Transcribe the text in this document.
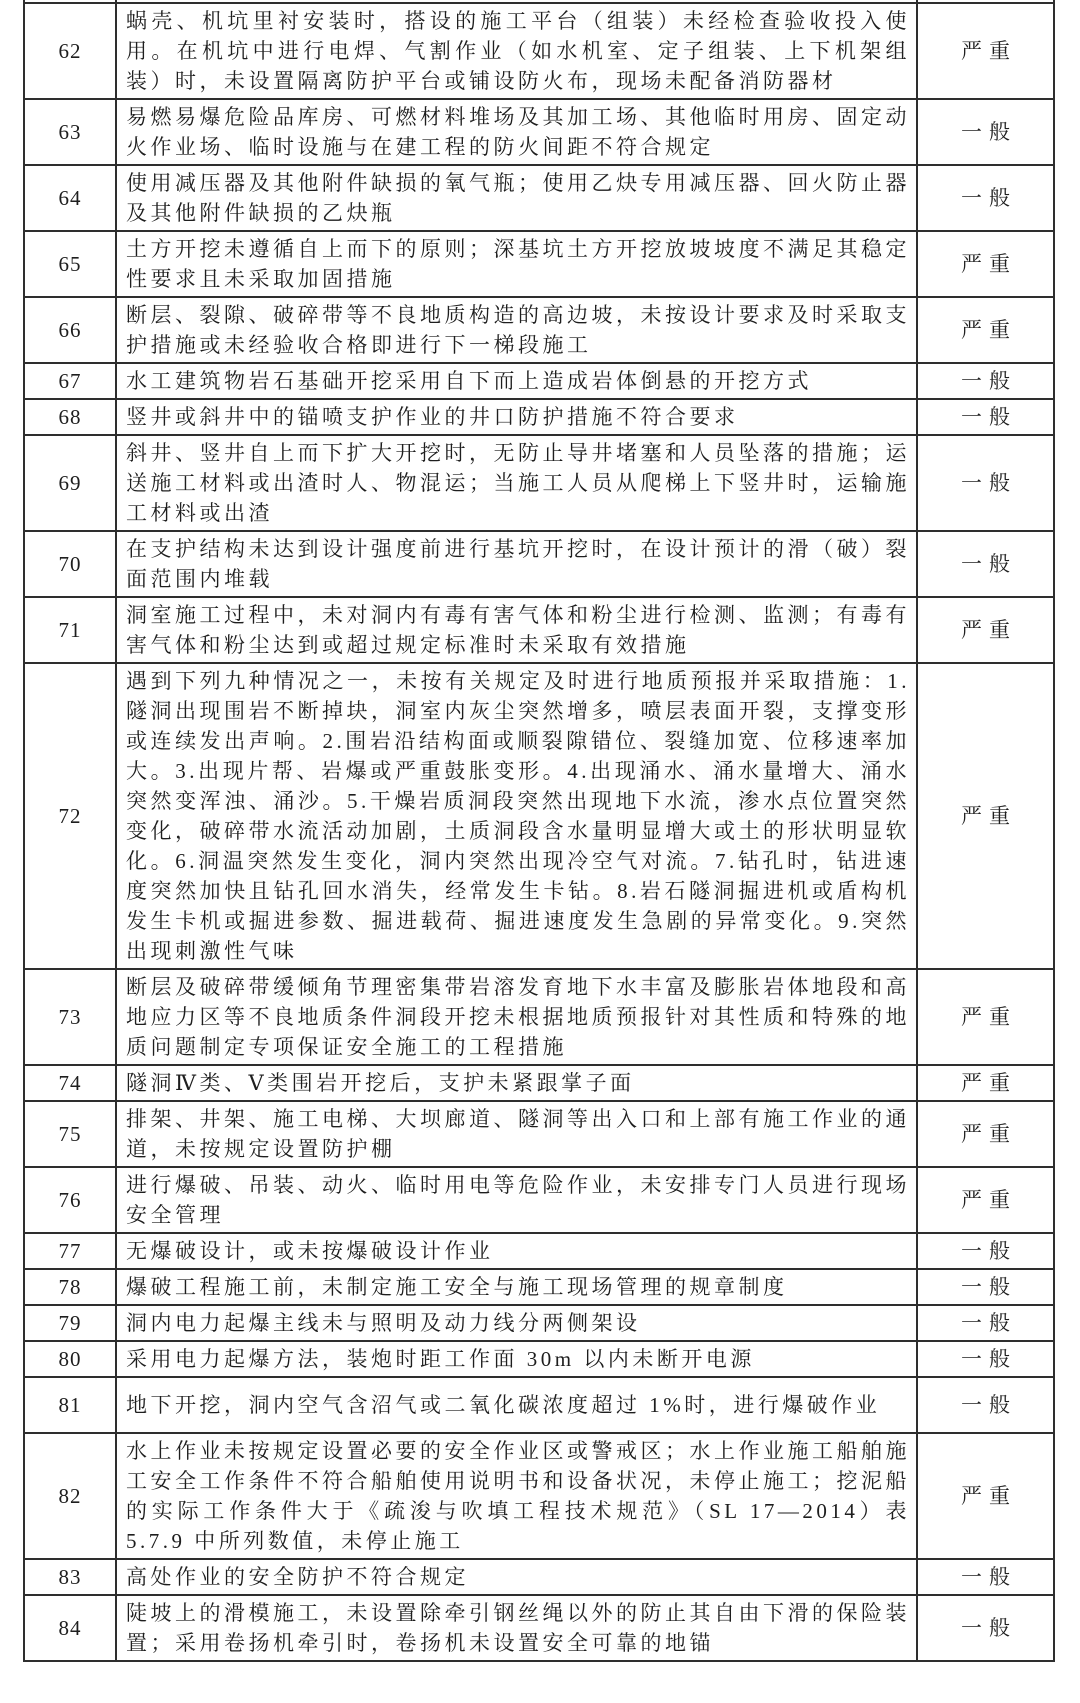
62	蜗壳、机坑里衬安装时，搭设的施工平台（组装）未经检查验收投入使用。在机坑中进行电焊、气割作业（如水机室、定子组装、上下机架组装）时，未设置隔离防护平台或铺设防火布，现场未配备消防器材	严重
63	易燃易爆危险品库房、可燃材料堆场及其加工场、其他临时用房、固定动火作业场、临时设施与在建工程的防火间距不符合规定	一般
64	使用减压器及其他附件缺损的氧气瓶；使用乙炔专用减压器、回火防止器及其他附件缺损的乙炔瓶	一般
65	土方开挖未遵循自上而下的原则；深基坑土方开挖放坡坡度不满足其稳定性要求且未采取加固措施	严重
66	断层、裂隙、破碎带等不良地质构造的高边坡，未按设计要求及时采取支护措施或未经验收合格即进行下一梯段施工	严重
67	水工建筑物岩石基础开挖采用自下而上造成岩体倒悬的开挖方式	一般
68	竖井或斜井中的锚喷支护作业的井口防护措施不符合要求	一般
69	斜井、竖井自上而下扩大开挖时，无防止导井堵塞和人员坠落的措施；运送施工材料或出渣时人、物混运；当施工人员从爬梯上下竖井时，运输施工材料或出渣	一般
70	在支护结构未达到设计强度前进行基坑开挖时，在设计预计的滑（破）裂面范围内堆载	一般
71	洞室施工过程中，未对洞内有毒有害气体和粉尘进行检测、监测；有毒有害气体和粉尘达到或超过规定标准时未采取有效措施	严重
72	遇到下列九种情况之一，未按有关规定及时进行地质预报并采取措施：1.隧洞出现围岩不断掉块，洞室内灰尘突然增多，喷层表面开裂，支撑变形或连续发出声响。2.围岩沿结构面或顺裂隙错位、裂缝加宽、位移速率加大。3.出现片帮、岩爆或严重鼓胀变形。4.出现涌水、涌水量增大、涌水突然变浑浊、涌沙。5.干燥岩质洞段突然出现地下水流，渗水点位置突然变化，破碎带水流活动加剧，土质洞段含水量明显增大或土的形状明显软化。6.洞温突然发生变化，洞内突然出现冷空气对流。7.钻孔时，钻进速度突然加快且钻孔回水消失，经常发生卡钻。8.岩石隧洞掘进机或盾构机发生卡机或掘进参数、掘进载荷、掘进速度发生急剧的异常变化。9.突然出现刺激性气味	严重
73	断层及破碎带缓倾角节理密集带岩溶发育地下水丰富及膨胀岩体地段和高地应力区等不良地质条件洞段开挖未根据地质预报针对其性质和特殊的地质问题制定专项保证安全施工的工程措施	严重
74	隧洞Ⅳ类、Ⅴ类围岩开挖后，支护未紧跟掌子面	严重
75	排架、井架、施工电梯、大坝廊道、隧洞等出入口和上部有施工作业的通道，未按规定设置防护棚	严重
76	进行爆破、吊装、动火、临时用电等危险作业，未安排专门人员进行现场安全管理	严重
77	无爆破设计，或未按爆破设计作业	一般
78	爆破工程施工前，未制定施工安全与施工现场管理的规章制度	一般
79	洞内电力起爆主线未与照明及动力线分两侧架设	一般
80	采用电力起爆方法，装炮时距工作面 30m 以内未断开电源	一般
81	地下开挖，洞内空气含沼气或二氧化碳浓度超过 1%时，进行爆破作业	一般
82	水上作业未按规定设置必要的安全作业区或警戒区；水上作业施工船舶施工安全工作条件不符合船舶使用说明书和设备状况，未停止施工；挖泥船的实际工作条件大于《疏浚与吹填工程技术规范》（SL 17—2014）表 5.7.9 中所列数值，未停止施工	严重
83	高处作业的安全防护不符合规定	一般
84	陡坡上的滑模施工，未设置除牵引钢丝绳以外的防止其自由下滑的保险装置；采用卷扬机牵引时，卷扬机未设置安全可靠的地锚	一般
